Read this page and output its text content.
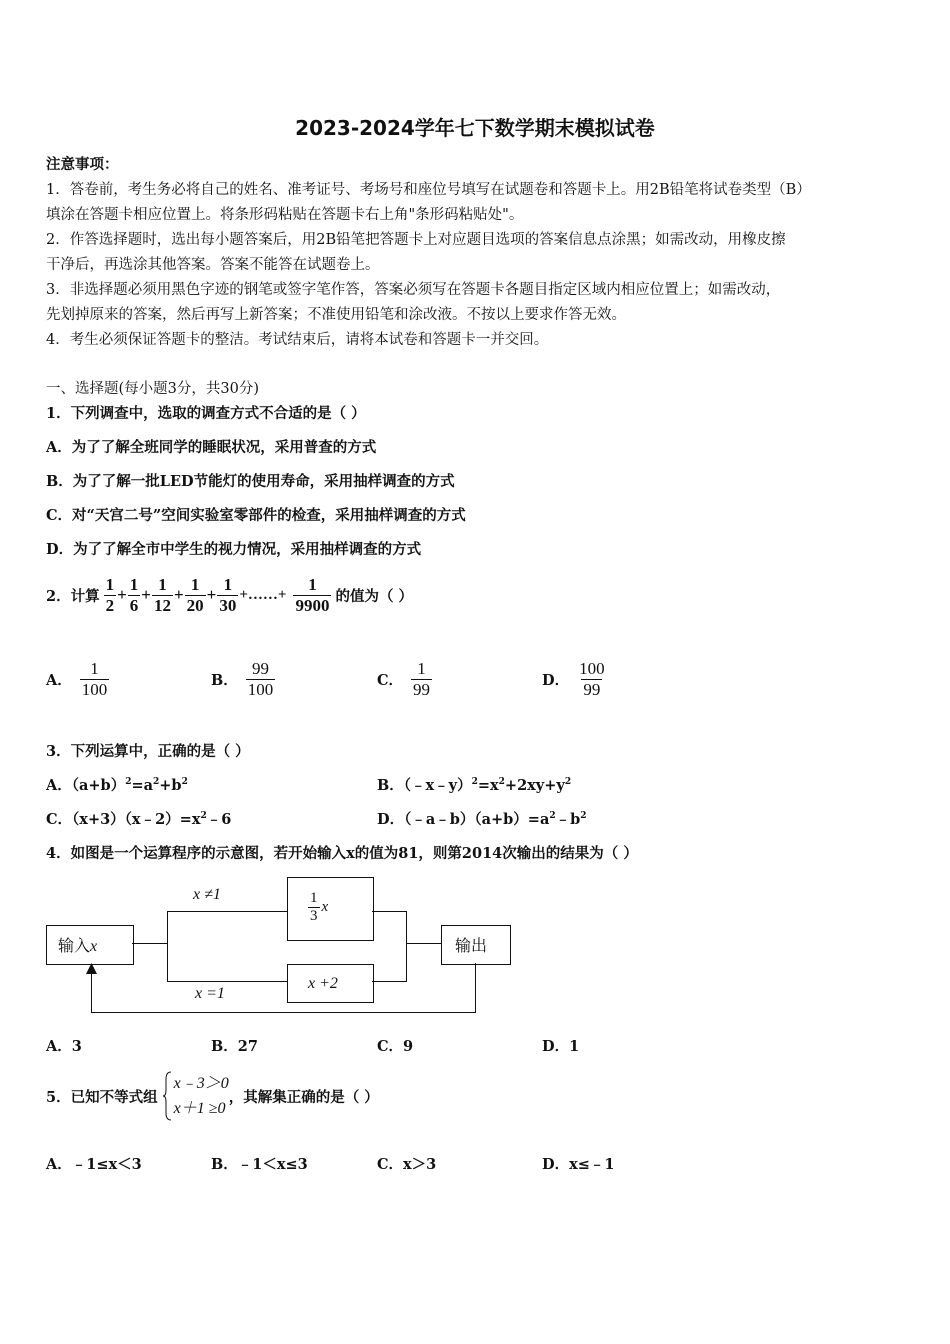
2023-2024学年七下数学期末模拟试卷
注意事项：
1．答卷前，考生务必将自己的姓名、准考证号、考场号和座位号填写在试题卷和答题卡上。用2B铅笔将试卷类型（B）
填涂在答题卡相应位置上。将条形码粘贴在答题卡右上角"条形码粘贴处"。
2．作答选择题时，选出每小题答案后，用2B铅笔把答题卡上对应题目选项的答案信息点涂黑；如需改动，用橡皮擦
干净后，再选涂其他答案。答案不能答在试题卷上。
3．非选择题必须用黑色字迹的钢笔或签字笔作答，答案必须写在答题卡各题目指定区域内相应位置上；如需改动，
先划掉原来的答案，然后再写上新答案；不准使用铅笔和涂改液。不按以上要求作答无效。
4．考生必须保证答题卡的整洁。考试结束后，请将本试卷和答题卡一并交回。
一、选择题(每小题3分，共30分)
1．下列调查中，选取的调查方式不合适的是（ ）
A．为了了解全班同学的睡眠状况，采用普查的方式
B．为了了解一批LED节能灯的使用寿命，采用抽样调查的方式
C．对“天宫二号”空间实验室零部件的检查，采用抽样调查的方式
D．为了了解全市中学生的视力情况，采用抽样调查的方式
2．计算 $\frac{1}{2} + \frac{1}{6} + \frac{1}{12} + \frac{1}{20} + \frac{1}{30}$ +……+ $\frac{1}{9900}$ 的值为（ ）
A． $\frac{1}{100}$	B． $\frac{99}{100}$	C． $\frac{1}{99}$	D． $\frac{100}{99}$
3．下列运算中，正确的是（ ）
A．$(a+b)^2=a^2+b^2$	B．$(﹣x﹣y)^2=x^2+2xy+y^2$
C．$(x+3)(x﹣2)=x^2﹣6$	D．$(﹣a﹣b)(a+b)=a^2﹣b^2$
4．如图是一个运算程序的示意图，若开始输入x的值为81，则第2014次输出的结果为（ ）
输入x
x ≠1	$\frac{1}{3}$ x
x =1
x +2
输出
A．3	B．27	C．9	D．1
5．已知不等式组
x﹣3＞0
x＋1 ≥0
，其解集正确的是（ ）
A．﹣1≤x＜3	B．﹣1＜x≤3	C．x＞3	D．x≤﹣1
